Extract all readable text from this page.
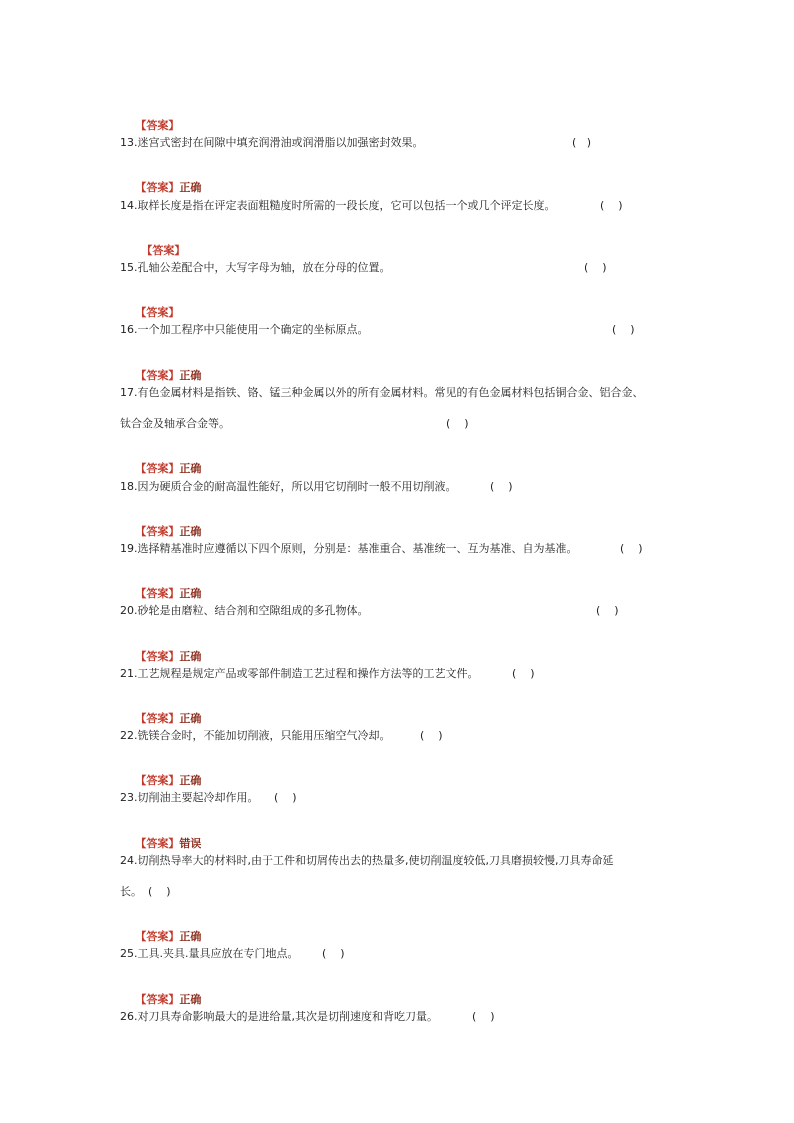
【答案】

13.迷宫式密封在间隙中填充润滑油或润滑脂以加强密封效果。	(   )

【答案】正确

14.取样长度是指在评定表面粗糙度时所需的一段长度，它可以包括一个或几个评定长度。	(    )

【答案】

15.孔轴公差配合中，大写字母为轴，放在分母的位置。	(    )

【答案】

16.一个加工程序中只能使用一个确定的坐标原点。	(    )

【答案】正确

17.有色金属材料是指铁、铬、锰三种金属以外的所有金属材料。常见的有色金属材料包括铜合金、铝合金、
钛合金及轴承合金等。	(    )

【答案】正确

18.因为硬质合金的耐高温性能好，所以用它切削时一般不用切削液。	(    )

【答案】正确

19.选择精基准时应遵循以下四个原则，分别是：基准重合、基准统一、互为基准、自为基准。	(    )

【答案】正确

20.砂轮是由磨粒、结合剂和空隙组成的多孔物体。	(    )

【答案】正确

21.工艺规程是规定产品或零部件制造工艺过程和操作方法等的工艺文件。	(    )

【答案】正确

22.铣镁合金时，不能加切削液，只能用压缩空气冷却。	(    )

【答案】正确

23.切削油主要起冷却作用。 (    )

【答案】错误

24.切削热导率大的材料时,由于工件和切屑传出去的热量多,使切削温度较低,刀具磨损较慢,刀具寿命延
长。 (    )

【答案】正确

25.工具.夹具.量具应放在专门地点。 (    )

【答案】正确

26.对刀具寿命影响最大的是进给量,其次是切削速度和背吃刀量。	(    )
